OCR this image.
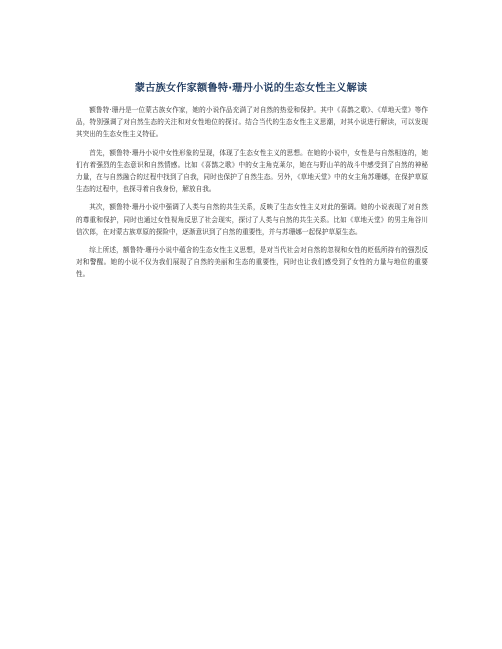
蒙古族女作家额鲁特·珊丹小说的生态女性主义解读

额鲁特·珊丹是一位蒙古族女作家，她的小说作品充满了对自然的热爱和保护。其中《喜鹊之歌》、《草地天堂》等作品，特别强调了对自然生态的关注和对女性地位的探讨。结合当代的生态女性主义思潮，对其小说进行解读，可以发现其突出的生态女性主义特征。

首先，额鲁特·珊丹小说中女性形象的呈现，体现了生态女性主义的思想。在她的小说中，女性是与自然相连的，她们有着强烈的生态意识和自然情感。比如《喜鹊之歌》中的女主角克莱尔，她在与野山羊的战斗中感受到了自然的神秘力量，在与自然融合的过程中找到了自我，同时也保护了自然生态。另外，《草地天堂》中的女主角苏珊娜，在保护草原生态的过程中，也探寻着自我身份，解放自我。

其次，额鲁特·珊丹小说中强调了人类与自然的共生关系，反映了生态女性主义对此的强调。她的小说表现了对自然的尊重和保护，同时也通过女性视角反思了社会现实，探讨了人类与自然的共生关系。比如《草地天堂》的男主角谷川信次郎，在对蒙古族草原的探险中，逐渐意识到了自然的重要性，并与苏珊娜一起保护草原生态。

综上所述，额鲁特·珊丹小说中蕴含的生态女性主义思想，是对当代社会对自然的忽视和女性的贬低所持有的强烈反对和警醒。她的小说不仅为我们展现了自然的美丽和生态的重要性，同时也让我们感受到了女性的力量与地位的重要性。
